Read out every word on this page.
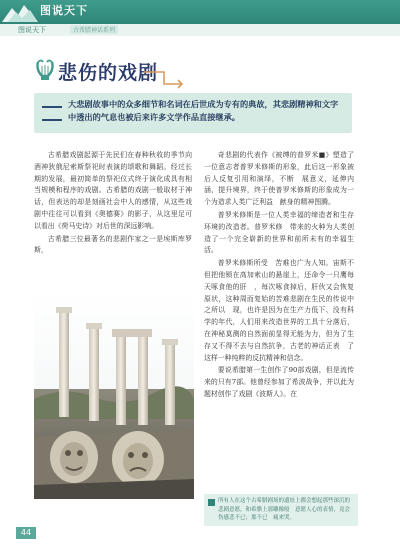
图说天下
图说天下	古希腊神话系列
悲伤的戏剧
大悲剧故事中的众多细节和名词在后世成为专有的典故，其悲剧精神和文字中透出的气息也被后来许多文学作品直接继承。

古希腊戏剧起源于先民们在春种秋收的季节向酒神狄俄尼索斯祭祀时表演的颂歌和舞蹈。经过长期的发展，最初简单的祭祀仪式终于演化成具有相当规模和程序的戏剧。古希腊的戏剧一般取材于神话，但表达的却是刻画社会中人的感情，从这些戏剧中往往可以看到《奥德赛》的影子，从这里足可以看出《荷马史诗》对后世的深远影响。

古希腊三位最著名的悲剧作家之一是埃斯库罗斯，

奇悲剧的代表作《被缚的普罗米■》塑造了一位意志者普罗米修斯的形象，此后这一形象被后人反复引用和演绎，不断　展意义，延伸内涵，提升境界，终于使普罗米修斯的形象成为一个为造求人类广泛利益　献身的精神图腾。

普罗米修斯是一位人类幸福的缔造者和生存环境的改造者。普罗米修　带来的火种为人类创造了一个完全崭新的世界和前所未有的幸福生活。

普罗米修斯所受　苦难也广为人知。宙斯不但把他锁在高加索山的悬崖上，还命令一只鹰每天啄食他的肝　，每次啄食掉后，肝伙又会恢复原状，这种周而复始的苦难悲剧在生民的传说中之所以　现，也许是因为在生产力低下、没有科学的年代，人们用来改造世界的工具十分落后，在神秘莫测的自然面前显得无能为力，但为了生存又不得不去与自然抗争，古老的神话正表　了这样一种纯粹的反抗精神和信念。

要说希腊第一生创作了90部戏剧，但是流传　来的只有7部。他曾经参加了希波战争，并以此为题材创作了戏剧《波斯人》。在

所有人在这个古希腊剧场的遗址上都会想起那些深沉的悲剧意愿，和希腊上那雕像般　意愿人心的表情，竟会伤感悲不已；那不已　痛来哭。
44
